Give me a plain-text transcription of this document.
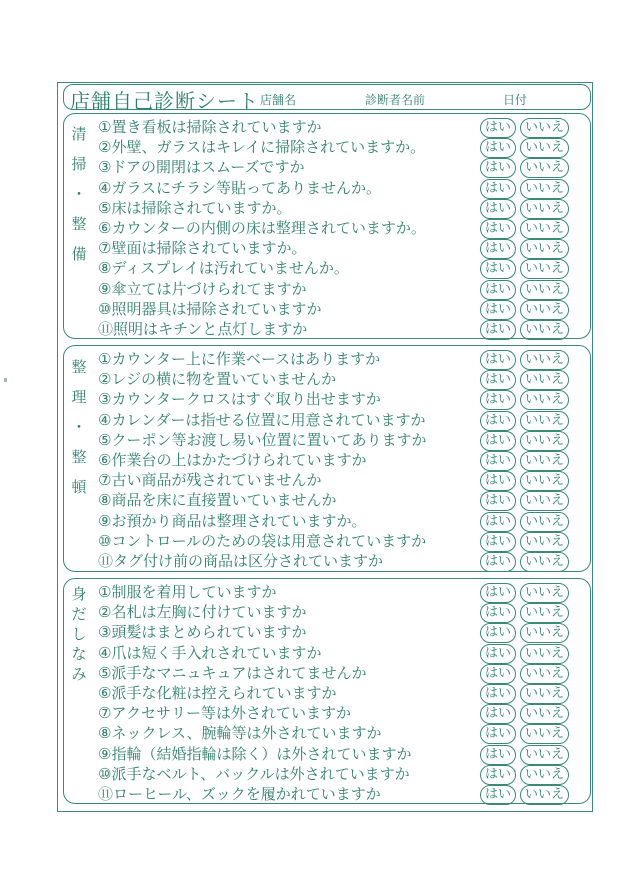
店舗自己診断シート 店舗名	診断者名前	日付
清
掃
・
整
備
①置き看板は掃除されていますか	はい いいえ
②外壁、ガラスはキレイに掃除されていますか。	はい いいえ
③ドアの開閉はスムーズですか	はい いいえ
④ガラスにチラシ等貼ってありませんか。	はい いいえ
⑤床は掃除されていますか。	はい いいえ
⑥カウンターの内側の床は整理されていますか。	はい いいえ
⑦壁面は掃除されていますか。	はい いいえ
⑧ディスプレイは汚れていませんか。	はい いいえ
⑨傘立ては片づけられてますか	はい いいえ
⑩照明器具は掃除されていますか	はい いいえ
⑪照明はキチンと点灯しますか	はい いいえ
整
理
・
整
頓
①カウンター上に作業ベースはありますか	はい いいえ
②レジの横に物を置いていませんか	はい いいえ
③カウンタークロスはすぐ取り出せますか	はい いいえ
④カレンダーは指せる位置に用意されていますか	はい いいえ
⑤クーポン等お渡し易い位置に置いてありますか	はい いいえ
⑥作業台の上はかたづけられていますか	はい いいえ
⑦古い商品が残されていませんか	はい いいえ
⑧商品を床に直接置いていませんか	はい いいえ
⑨お預かり商品は整理されていますか。	はい いいえ
⑩コントロールのための袋は用意されていますか	はい いいえ
⑪タグ付け前の商品は区分されていますか	はい いいえ
身
だ
し
な
み
①制服を着用していますか	はい いいえ
②名札は左胸に付けていますか	はい いいえ
③頭髪はまとめられていますか	はい いいえ
④爪は短く手入れされていますか	はい いいえ
⑤派手なマニュキュアはされてませんか	はい いいえ
⑥派手な化粧は控えられていますか	はい いいえ
⑦アクセサリー等は外されていますか	はい いいえ
⑧ネックレス、腕輪等は外されていますか	はい いいえ
⑨指輪（結婚指輪は除く）は外されていますか	はい いいえ
⑩派手なベルト、バックルは外されていますか	はい いいえ
⑪ローヒール、ズックを履かれていますか	はい いいえ
